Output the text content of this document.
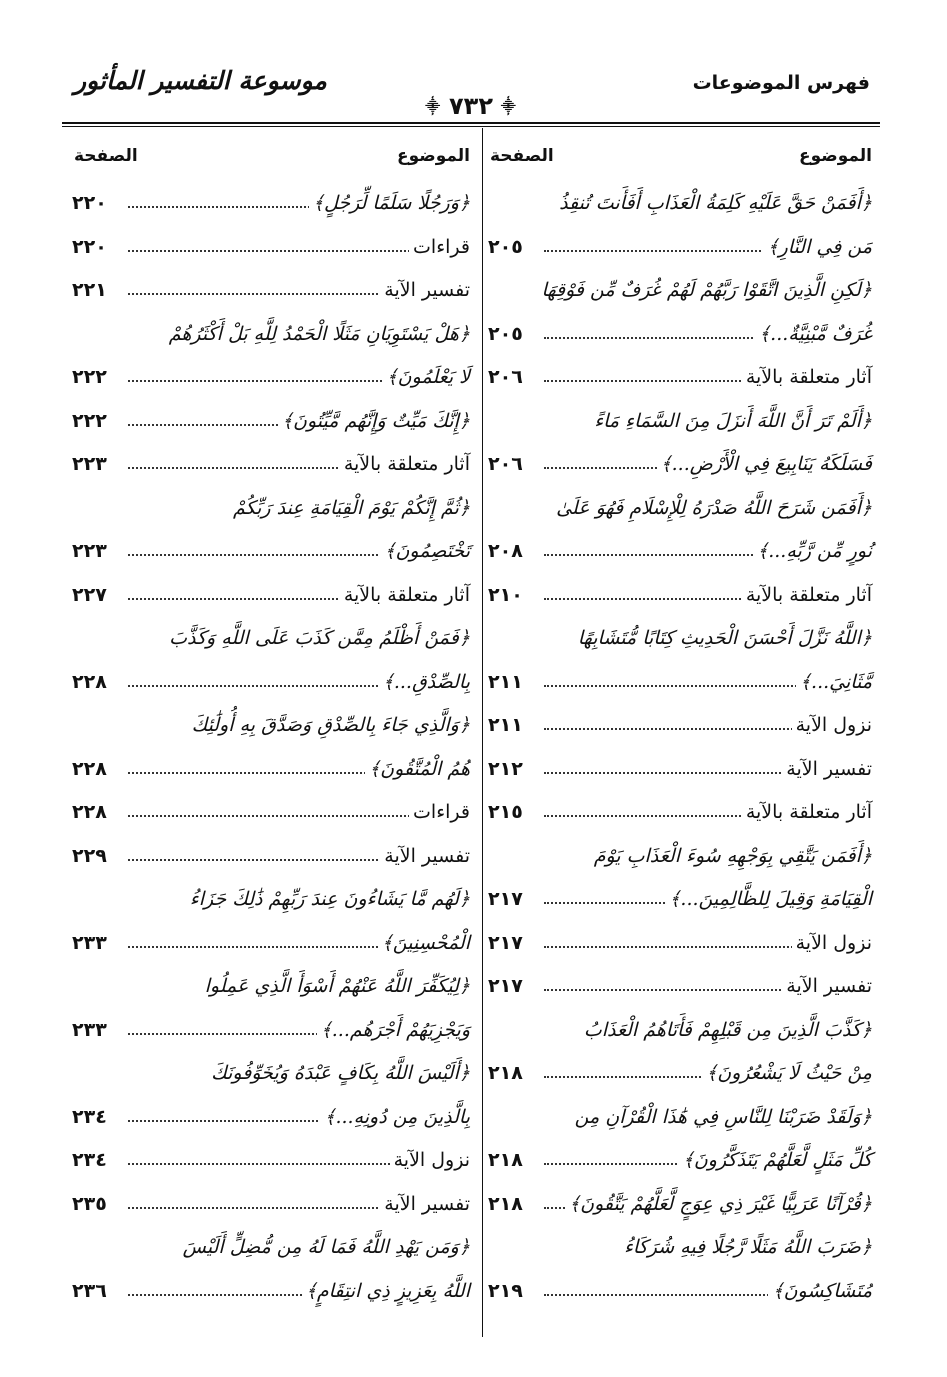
فهرس الموضوعات
⸎ ٧٣٢ ⸎
موسوعة التفسير المأثور
الموضوع
الصفحة
﴿أَفَمَنْ حَقَّ عَلَيْهِ كَلِمَةُ الْعَذَابِ أَفَأَنتَ تُنقِذُ
مَن فِي النَّارِ﴾
٢٠٥
﴿لَكِنِ الَّذِينَ اتَّقَوْا رَبَّهُمْ لَهُمْ غُرَفٌ مِّن فَوْقِهَا
غُرَفٌ مَّبْنِيَّةٌ...﴾
٢٠٥
آثار متعلقة بالآية
٢٠٦
﴿أَلَمْ تَرَ أَنَّ اللَّهَ أَنزَلَ مِنَ السَّمَاءِ مَاءً
فَسَلَكَهُ يَنَابِيعَ فِي الْأَرْضِ...﴾
٢٠٦
﴿أَفَمَن شَرَحَ اللَّهُ صَدْرَهُ لِلْإِسْلَامِ فَهُوَ عَلَىٰ
نُورٍ مِّن رَّبِّهِ...﴾
٢٠٨
آثار متعلقة بالآية
٢١٠
﴿اللَّهُ نَزَّلَ أَحْسَنَ الْحَدِيثِ كِتَابًا مُّتَشَابِهًا
مَّثَانِيَ...﴾
٢١١
نزول الآية
٢١١
تفسير الآية
٢١٢
آثار متعلقة بالآية
٢١٥
﴿أَفَمَن يَتَّقِي بِوَجْهِهِ سُوءَ الْعَذَابِ يَوْمَ
الْقِيَامَةِ وَقِيلَ لِلظَّالِمِينَ...﴾
٢١٧
نزول الآية
٢١٧
تفسير الآية
٢١٧
﴿كَذَّبَ الَّذِينَ مِن قَبْلِهِمْ فَأَتَاهُمُ الْعَذَابُ
مِنْ حَيْثُ لَا يَشْعُرُونَ﴾
٢١٨
﴿وَلَقَدْ ضَرَبْنَا لِلنَّاسِ فِي هَٰذَا الْقُرْآنِ مِن
كُلِّ مَثَلٍ لَّعَلَّهُمْ يَتَذَكَّرُونَ﴾
٢١٨
﴿قُرْآنًا عَرَبِيًّا غَيْرَ ذِي عِوَجٍ لَّعَلَّهُمْ يَتَّقُونَ﴾
٢١٨
﴿ضَرَبَ اللَّهُ مَثَلًا رَّجُلًا فِيهِ شُرَكَاءُ
مُتَشَاكِسُونَ﴾
٢١٩
الموضوع
الصفحة
﴿وَرَجُلًا سَلَمًا لِّرَجُلٍ﴾
٢٢٠
قراءات
٢٢٠
تفسير الآية
٢٢١
﴿هَلْ يَسْتَوِيَانِ مَثَلًا الْحَمْدُ لِلَّهِ بَلْ أَكْثَرُهُمْ
لَا يَعْلَمُونَ﴾
٢٢٢
﴿إِنَّكَ مَيِّتٌ وَإِنَّهُم مَّيِّتُونَ﴾
٢٢٢
آثار متعلقة بالآية
٢٢٣
﴿ثُمَّ إِنَّكُمْ يَوْمَ الْقِيَامَةِ عِندَ رَبِّكُمْ
تَخْتَصِمُونَ﴾
٢٢٣
آثار متعلقة بالآية
٢٢٧
﴿فَمَنْ أَظْلَمُ مِمَّن كَذَبَ عَلَى اللَّهِ وَكَذَّبَ
بِالصِّدْقِ...﴾
٢٢٨
﴿وَالَّذِي جَاءَ بِالصِّدْقِ وَصَدَّقَ بِهِ أُولَٰئِكَ
هُمُ الْمُتَّقُونَ﴾
٢٢٨
قراءات
٢٢٨
تفسير الآية
٢٢٩
﴿لَهُم مَّا يَشَاءُونَ عِندَ رَبِّهِمْ ذَٰلِكَ جَزَاءُ
الْمُحْسِنِينَ﴾
٢٣٣
﴿لِيُكَفِّرَ اللَّهُ عَنْهُمْ أَسْوَأَ الَّذِي عَمِلُوا
وَيَجْزِيَهُمْ أَجْرَهُم...﴾
٢٣٣
﴿أَلَيْسَ اللَّهُ بِكَافٍ عَبْدَهُ وَيُخَوِّفُونَكَ
بِالَّذِينَ مِن دُونِهِ...﴾
٢٣٤
نزول الآية
٢٣٤
تفسير الآية
٢٣٥
﴿وَمَن يَهْدِ اللَّهُ فَمَا لَهُ مِن مُّضِلٍّ أَلَيْسَ
اللَّهُ بِعَزِيزٍ ذِي انتِقَامٍ﴾
٢٣٦
